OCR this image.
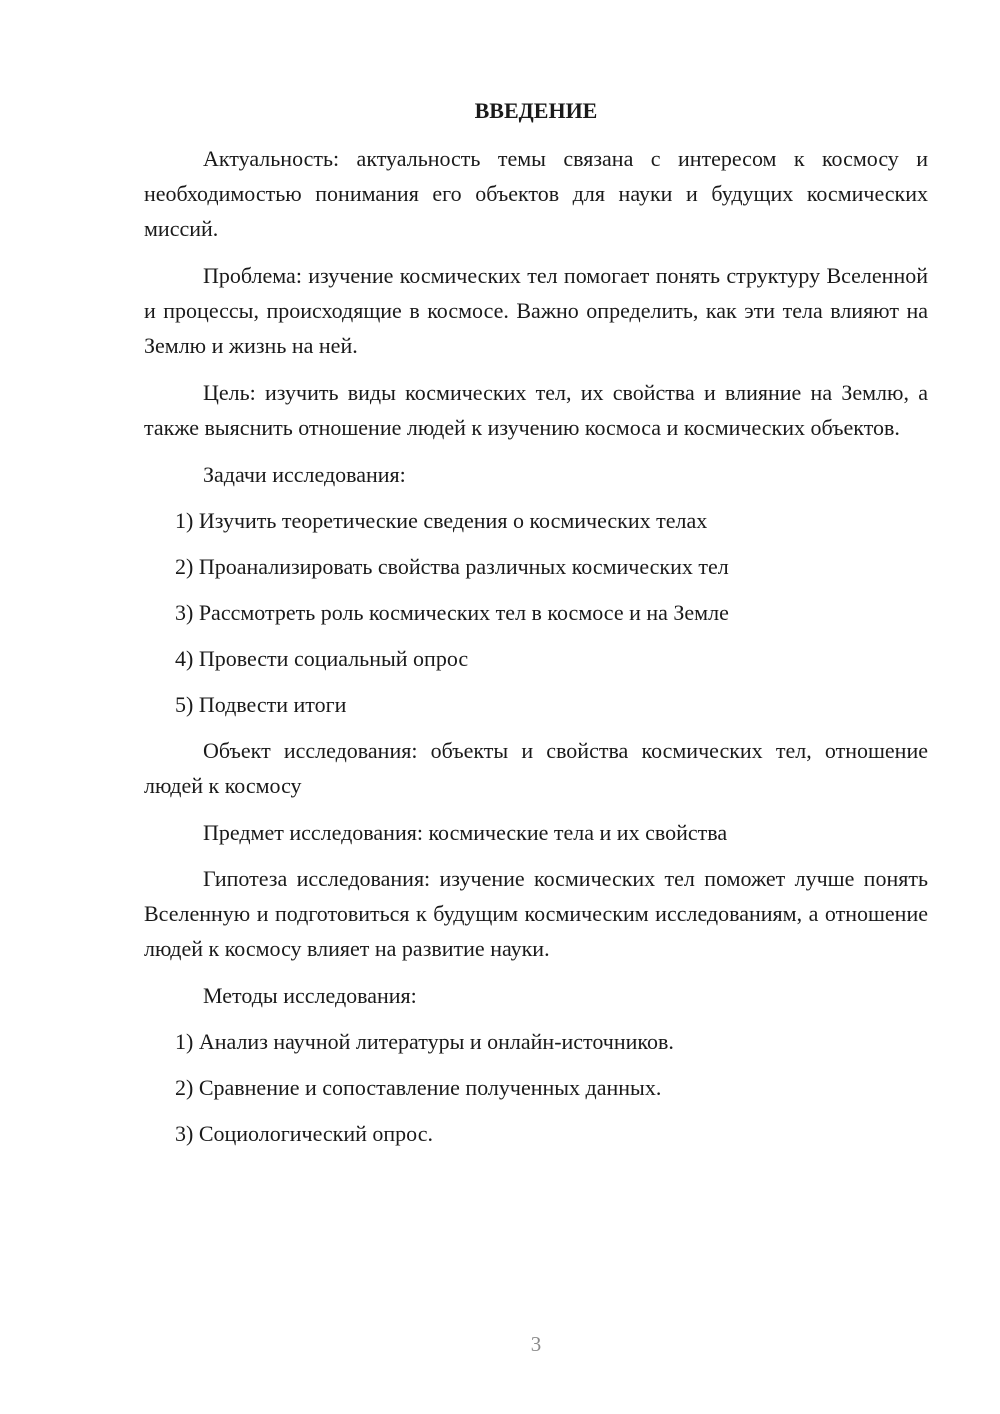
ВВЕДЕНИЕ

Актуальность: актуальность темы связана с интересом к космосу и необходимостью понимания его объектов для науки и будущих космических миссий.

Проблема: изучение космических тел помогает понять структуру Вселенной и процессы, происходящие в космосе. Важно определить, как эти тела влияют на Землю и жизнь на ней.

Цель: изучить виды космических тел, их свойства и влияние на Землю, а также выяснить отношение людей к изучению космоса и космических объектов.

Задачи исследования:
1) Изучить теоретические сведения о космических телах
2) Проанализировать свойства различных космических тел
3) Рассмотреть роль космических тел в космосе и на Земле
4) Провести социальный опрос
5) Подвести итоги

Объект исследования: объекты и свойства космических тел, отношение людей к космосу

Предмет исследования: космические тела и их свойства

Гипотеза исследования: изучение космических тел поможет лучше понять Вселенную и подготовиться к будущим космическим исследованиям, а отношение людей к космосу влияет на развитие науки.

Методы исследования:
1) Анализ научной литературы и онлайн-источников.
2) Сравнение и сопоставление полученных данных.
3) Социологический опрос.
3
